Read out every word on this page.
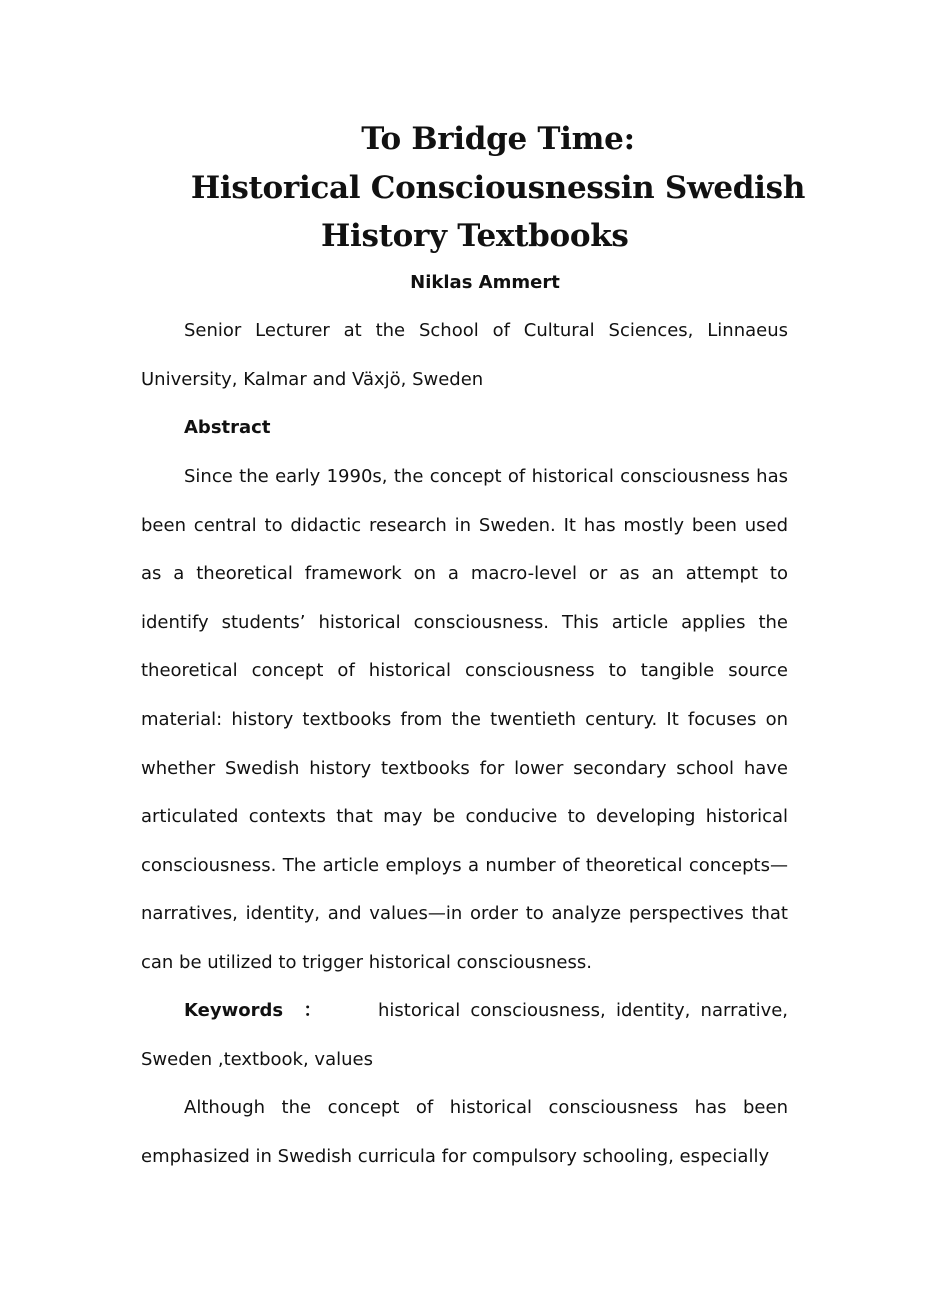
To Bridge Time:
Historical Consciousnessin Swedish
History Textbooks
Niklas Ammert

Senior Lecturer at the School of Cultural Sciences, Linnaeus University, Kalmar and Växjö, Sweden

Abstract

Since the early 1990s, the concept of historical consciousness has been central to didactic research in Sweden. It has mostly been used as a theoretical framework on a macro-level or as an attempt to identify students’ historical consciousness. This article applies the theoretical concept of historical consciousness to tangible source material: history textbooks from the twentieth century. It focuses on whether Swedish history textbooks for lower secondary school have articulated contexts that may be conducive to developing historical consciousness. The article employs a number of theoretical concepts—narratives, identity, and values—in order to analyze perspectives that can be utilized to trigger historical consciousness.

Keywords ：	historical consciousness, identity, narrative, Sweden ,textbook, values

Although the concept of historical consciousness has been emphasized in Swedish curricula for compulsory schooling, especially
